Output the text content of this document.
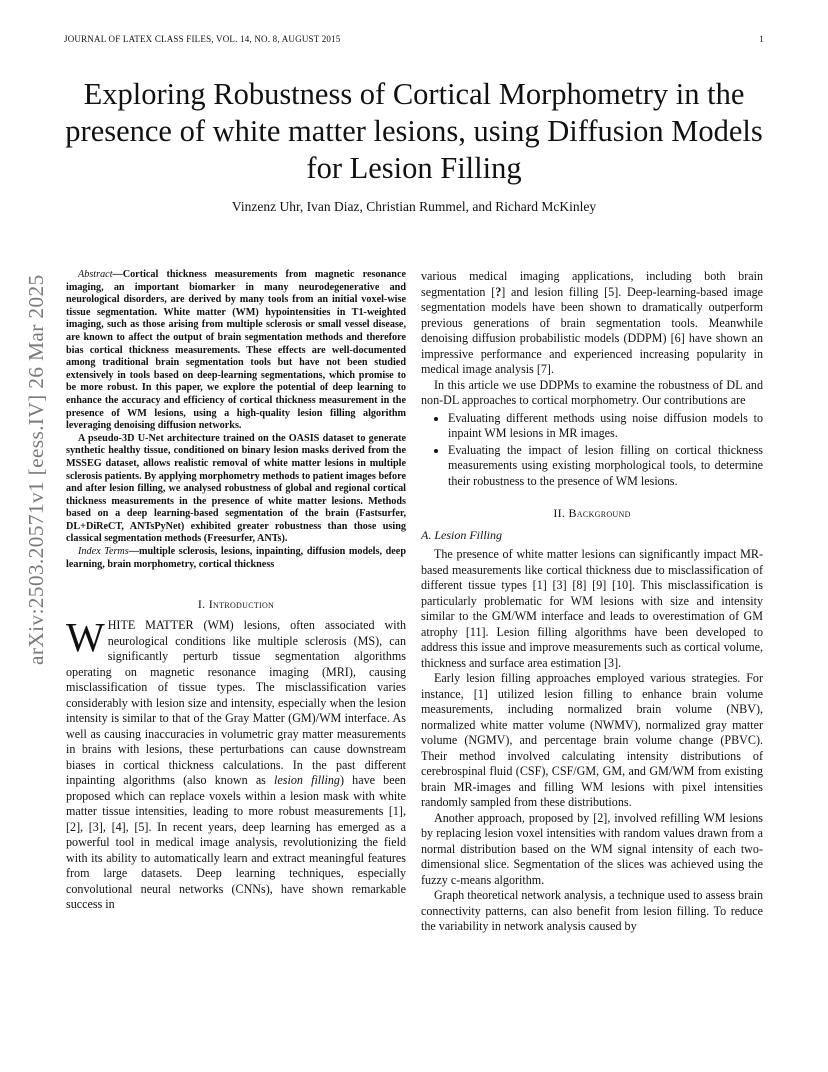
JOURNAL OF LATEX CLASS FILES, VOL. 14, NO. 8, AUGUST 2015	1
Exploring Robustness of Cortical Morphometry in the presence of white matter lesions, using Diffusion Models for Lesion Filling
Vinzenz Uhr, Ivan Diaz, Christian Rummel, and Richard McKinley
arXiv:2503.20571v1 [eess.IV] 26 Mar 2025	Abstract—Cortical thickness measurements from magnetic resonance imaging, an important biomarker in many neurodegenerative and neurological disorders, are derived by many tools from an initial voxel-wise tissue segmentation. White matter (WM) hypointensities in T1-weighted imaging, such as those arising from multiple sclerosis or small vessel disease, are known to affect the output of brain segmentation methods and therefore bias cortical thickness measurements. These effects are well-documented among traditional brain segmentation tools but have not been studied extensively in tools based on deep-learning segmentations, which promise to be more robust. In this paper, we explore the potential of deep learning to enhance the accuracy and efficiency of cortical thickness measurement in the presence of WM lesions, using a high-quality lesion filling algorithm leveraging denoising diffusion networks.

A pseudo-3D U-Net architecture trained on the OASIS dataset to generate synthetic healthy tissue, conditioned on binary lesion masks derived from the MSSEG dataset, allows realistic removal of white matter lesions in multiple sclerosis patients. By applying morphometry methods to patient images before and after lesion filling, we analysed robustness of global and regional cortical thickness measurements in the presence of white matter lesions. Methods based on a deep learning-based segmentation of the brain (Fastsurfer, DL+DiReCT, ANTsPyNet) exhibited greater robustness than those using classical segmentation methods (Freesurfer, ANTs).

Index Terms—multiple sclerosis, lesions, inpainting, diffusion models, deep learning, brain morphometry, cortical thickness

I. Introduction

WHITE MATTER (WM) lesions, often associated with neurological conditions like multiple sclerosis (MS), can significantly perturb tissue segmentation algorithms operating on magnetic resonance imaging (MRI), causing misclassification of tissue types. The misclassification varies considerably with lesion size and intensity, especially when the lesion intensity is similar to that of the Gray Matter (GM)/WM interface. As well as causing inaccuracies in volumetric gray matter measurements in brains with lesions, these perturbations can cause downstream biases in cortical thickness calculations. In the past different inpainting algorithms (also known as lesion filling) have been proposed which can replace voxels within a lesion mask with white matter tissue intensities, leading to more robust measurements [1], [2], [3], [4], [5]. In recent years, deep learning has emerged as a powerful tool in medical image analysis, revolutionizing the field with its ability to automatically learn and extract meaningful features from large datasets. Deep learning techniques, especially convolutional neural networks (CNNs), have shown remarkable success in

various medical imaging applications, including both brain segmentation [?] and lesion filling [5]. Deep-learning-based image segmentation models have been shown to dramatically outperform previous generations of brain segmentation tools. Meanwhile denoising diffusion probabilistic models (DDPM) [6] have shown an impressive performance and experienced increasing popularity in medical image analysis [7].

In this article we use DDPMs to examine the robustness of DL and non-DL approaches to cortical morphometry. Our contributions are

• Evaluating different methods using noise diffusion models to inpaint WM lesions in MR images.
• Evaluating the impact of lesion filling on cortical thickness measurements using existing morphological tools, to determine their robustness to the presence of WM lesions.
II. Background
A. Lesion Filling

The presence of white matter lesions can significantly impact MR-based measurements like cortical thickness due to misclassification of different tissue types [1] [3] [8] [9] [10]. This misclassification is particularly problematic for WM lesions with size and intensity similar to the GM/WM interface and leads to overestimation of GM atrophy [11]. Lesion filling algorithms have been developed to address this issue and improve measurements such as cortical volume, thickness and surface area estimation [3].

Early lesion filling approaches employed various strategies. For instance, [1] utilized lesion filling to enhance brain volume measurements, including normalized brain volume (NBV), normalized white matter volume (NWMV), normalized gray matter volume (NGMV), and percentage brain volume change (PBVC). Their method involved calculating intensity distributions of cerebrospinal fluid (CSF), CSF/GM, GM, and GM/WM from existing brain MR-images and filling WM lesions with pixel intensities randomly sampled from these distributions.

Another approach, proposed by [2], involved refilling WM lesions by replacing lesion voxel intensities with random values drawn from a normal distribution based on the WM signal intensity of each two-dimensional slice. Segmentation of the slices was achieved using the fuzzy c-means algorithm.

Graph theoretical network analysis, a technique used to assess brain connectivity patterns, can also benefit from lesion filling. To reduce the variability in network analysis caused by
